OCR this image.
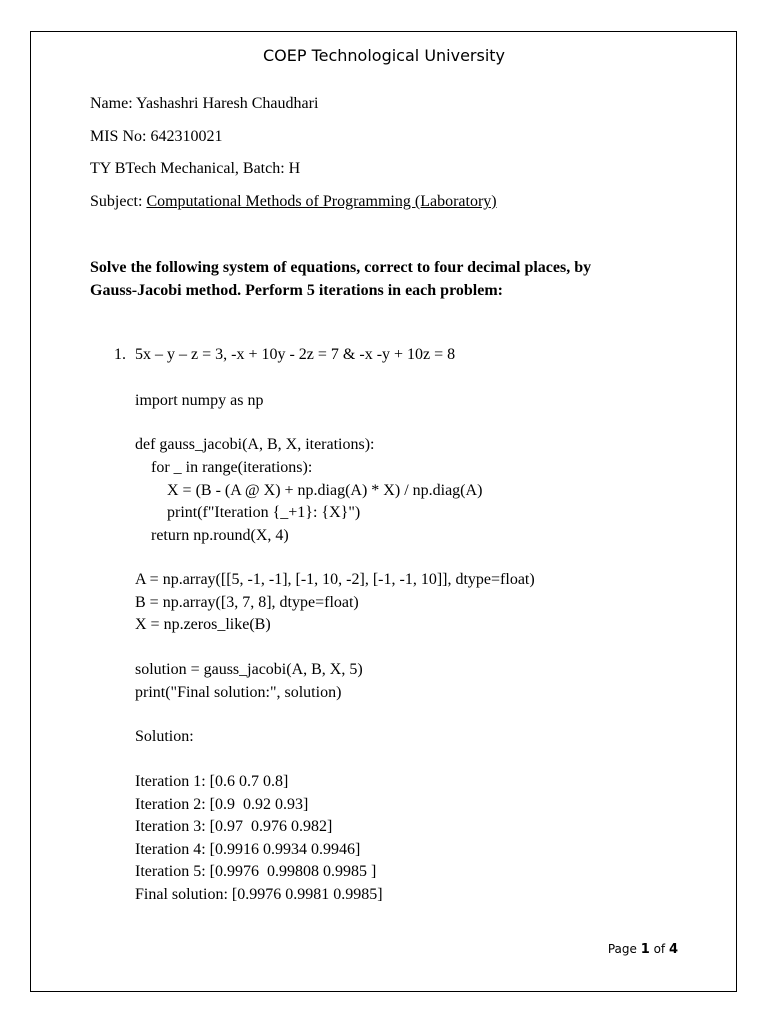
COEP Technological University
Name: Yashashri Haresh Chaudhari
MIS No: 642310021
TY BTech Mechanical, Batch: H
Subject: Computational Methods of Programming (Laboratory)
Solve the following system of equations, correct to four decimal places, by
Gauss-Jacobi method. Perform 5 iterations in each problem:
1. 5x – y – z = 3, -x + 10y - 2z = 7 & -x -y + 10z = 8
import numpy as np
def gauss_jacobi(A, B, X, iterations):
for _ in range(iterations):
X = (B - (A @ X) + np.diag(A) * X) / np.diag(A)
print(f"Iteration {_+1}: {X}")
return np.round(X, 4)
A = np.array([[5, -1, -1], [-1, 10, -2], [-1, -1, 10]], dtype=float)
B = np.array([3, 7, 8], dtype=float)
X = np.zeros_like(B)
solution = gauss_jacobi(A, B, X, 5)
print("Final solution:", solution)
Solution:
Iteration 1: [0.6 0.7 0.8]
Iteration 2: [0.9  0.92 0.93]
Iteration 3: [0.97  0.976 0.982]
Iteration 4: [0.9916 0.9934 0.9946]
Iteration 5: [0.9976  0.99808 0.9985 ]
Final solution: [0.9976 0.9981 0.9985]
Page 1 of 4
